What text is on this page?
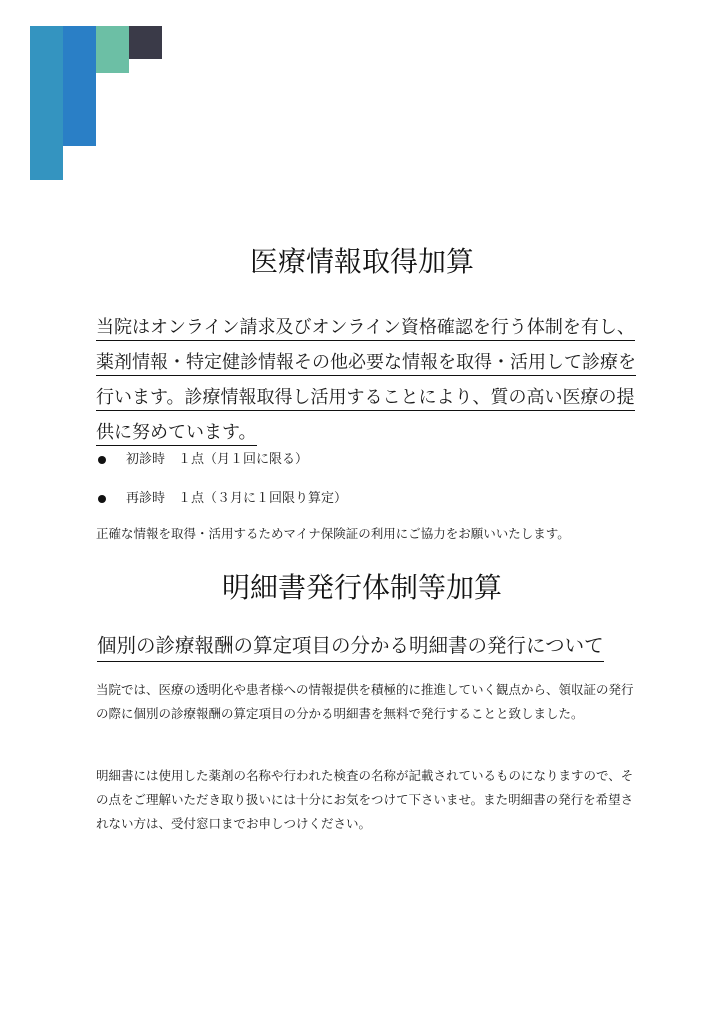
医療情報取得加算

当院はオンライン請求及びオンライン資格確認を行う体制を有し、薬剤情報・特定健診情報その他必要な情報を取得・活用して診療を行います。診療情報取得し活用することにより、質の高い医療の提供に努めています。

初診時　１点（月１回に限る）
再診時　１点（３月に１回限り算定）

正確な情報を取得・活用するためマイナ保険証の利用にご協力をお願いいたします。

明細書発行体制等加算
個別の診療報酬の算定項目の分かる明細書の発行について

当院では、医療の透明化や患者様への情報提供を積極的に推進していく観点から、領収証の発行の際に個別の診療報酬の算定項目の分かる明細書を無料で発行することと致しました。

明細書には使用した薬剤の名称や行われた検査の名称が記載されているものになりますので、その点をご理解いただき取り扱いには十分にお気をつけて下さいませ。また明細書の発行を希望されない方は、受付窓口までお申しつけください。
